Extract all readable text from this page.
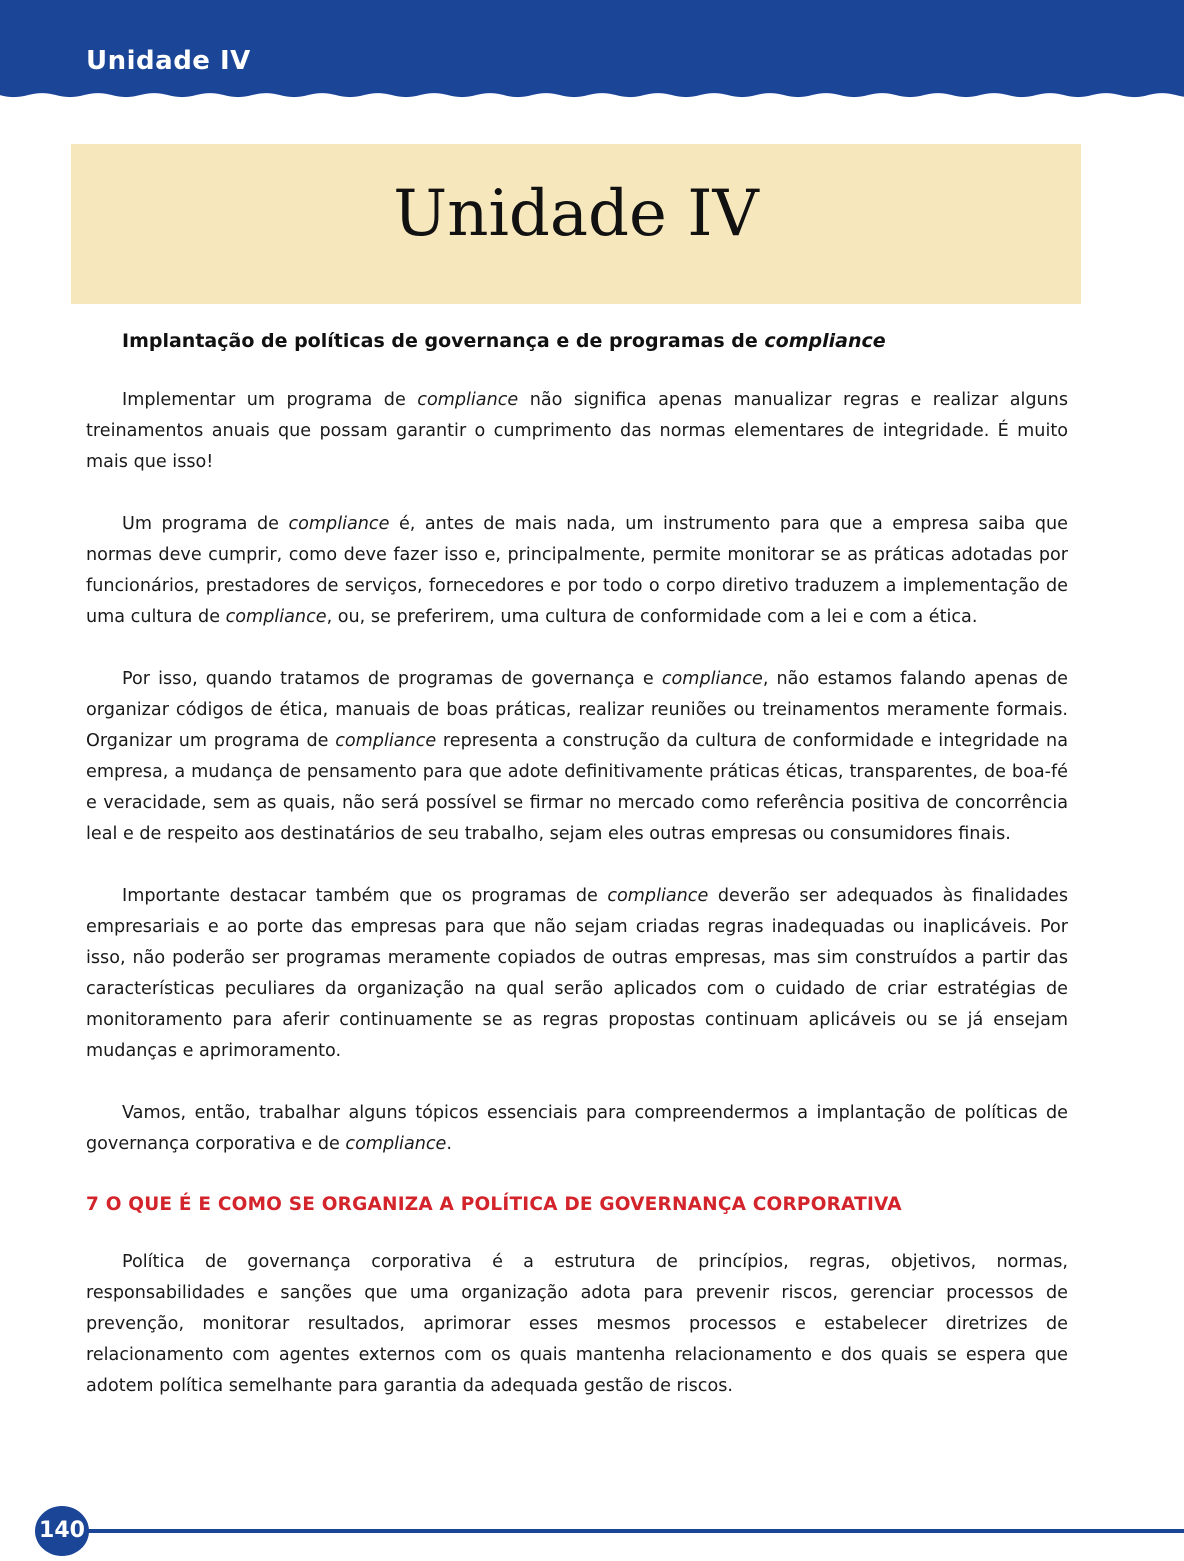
Unidade IV
Unidade IV
Implantação de políticas de governança e de programas de compliance

Implementar um programa de compliance não significa apenas manualizar regras e realizar alguns treinamentos anuais que possam garantir o cumprimento das normas elementares de integridade. É muito mais que isso!

Um programa de compliance é, antes de mais nada, um instrumento para que a empresa saiba que normas deve cumprir, como deve fazer isso e, principalmente, permite monitorar se as práticas adotadas por funcionários, prestadores de serviços, fornecedores e por todo o corpo diretivo traduzem a implementação de uma cultura de compliance, ou, se preferirem, uma cultura de conformidade com a lei e com a ética.

Por isso, quando tratamos de programas de governança e compliance, não estamos falando apenas de organizar códigos de ética, manuais de boas práticas, realizar reuniões ou treinamentos meramente formais. Organizar um programa de compliance representa a construção da cultura de conformidade e integridade na empresa, a mudança de pensamento para que adote definitivamente práticas éticas, transparentes, de boa-fé e veracidade, sem as quais, não será possível se firmar no mercado como referência positiva de concorrência leal e de respeito aos destinatários de seu trabalho, sejam eles outras empresas ou consumidores finais.

Importante destacar também que os programas de compliance deverão ser adequados às finalidades empresariais e ao porte das empresas para que não sejam criadas regras inadequadas ou inaplicáveis. Por isso, não poderão ser programas meramente copiados de outras empresas, mas sim construídos a partir das características peculiares da organização na qual serão aplicados com o cuidado de criar estratégias de monitoramento para aferir continuamente se as regras propostas continuam aplicáveis ou se já ensejam mudanças e aprimoramento.

Vamos, então, trabalhar alguns tópicos essenciais para compreendermos a implantação de políticas de governança corporativa e de compliance.

7 O QUE É E COMO SE ORGANIZA A POLÍTICA DE GOVERNANÇA CORPORATIVA

Política de governança corporativa é a estrutura de princípios, regras, objetivos, normas, responsabilidades e sanções que uma organização adota para prevenir riscos, gerenciar processos de prevenção, monitorar resultados, aprimorar esses mesmos processos e estabelecer diretrizes de relacionamento com agentes externos com os quais mantenha relacionamento e dos quais se espera que adotem política semelhante para garantia da adequada gestão de riscos.

140
